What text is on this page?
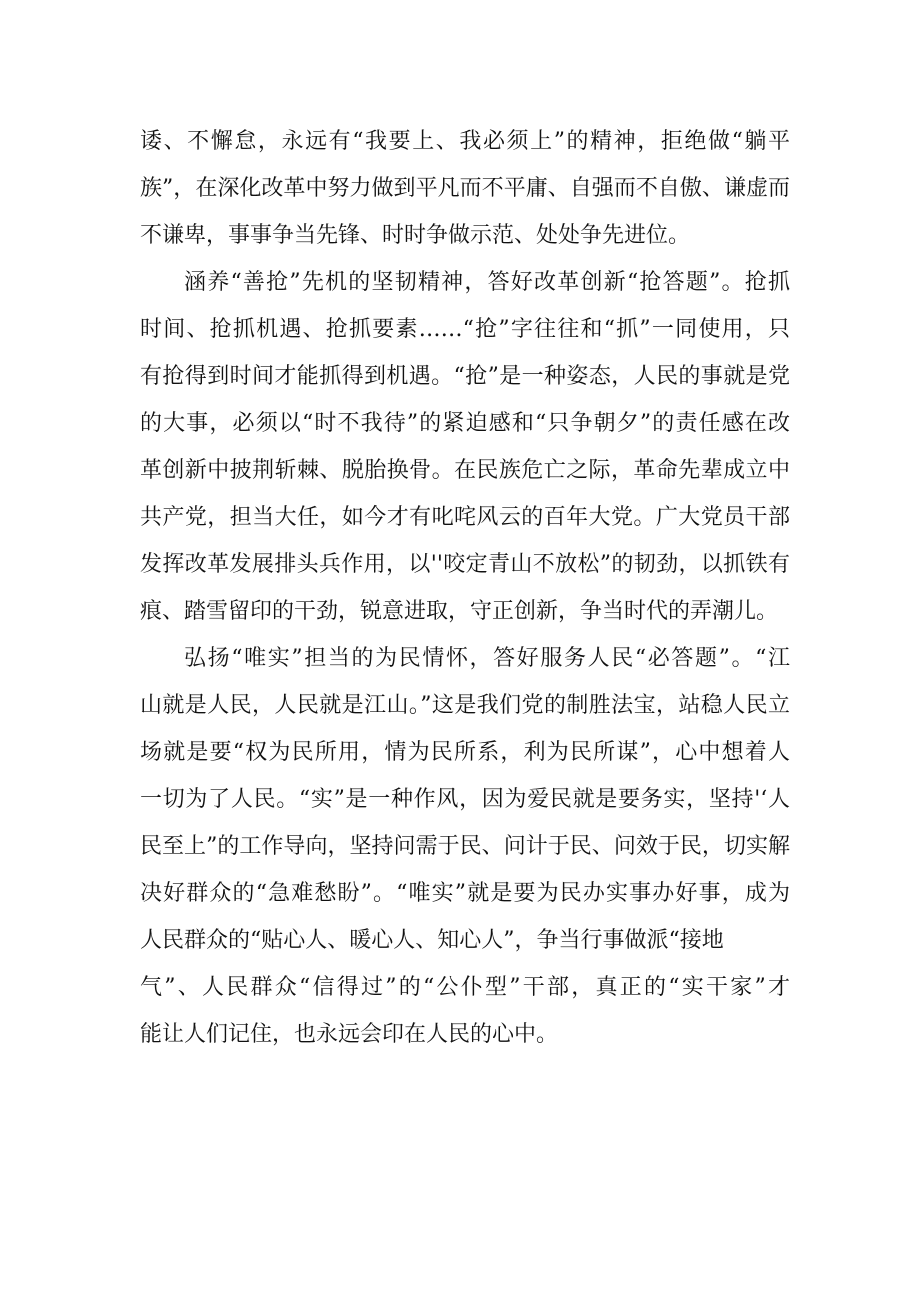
诿、不懈怠，永远有“我要上、我必须上”的精神，拒绝做“躺平
族”，在深化改革中努力做到平凡而不平庸、自强而不自傲、谦虚而
不谦卑，事事争当先锋、时时争做示范、处处争先进位。
涵养“善抢”先机的坚韧精神，答好改革创新“抢答题”。抢抓
时间、抢抓机遇、抢抓要素……“抢”字往往和“抓”一同使用，只
有抢得到时间才能抓得到机遇。“抢”是一种姿态，人民的事就是党
的大事，必须以“时不我待”的紧迫感和“只争朝夕”的责任感在改
革创新中披荆斩棘、脱胎换骨。在民族危亡之际，革命先辈成立中
共产党，担当大任，如今才有叱咤风云的百年大党。广大党员干部
发挥改革发展排头兵作用，以''咬定青山不放松”的韧劲，以抓铁有
痕、踏雪留印的干劲，锐意进取，守正创新，争当时代的弄潮儿。
弘扬“唯实”担当的为民情怀，答好服务人民“必答题”。“江
山就是人民，人民就是江山。”这是我们党的制胜法宝，站稳人民立
场就是要“权为民所用，情为民所系，利为民所谋”，心中想着人
一切为了人民。“实”是一种作风，因为爱民就是要务实，坚持'‘人
民至上”的工作导向，坚持问需于民、问计于民、问效于民，切实解
决好群众的“急难愁盼”。“唯实”就是要为民办实事办好事，成为
人民群众的“贴心人、暖心人、知心人”，争当行事做派“接地
气”、人民群众“信得过”的“公仆型”干部，真正的“实干家”才
能让人们记住，也永远会印在人民的心中。
